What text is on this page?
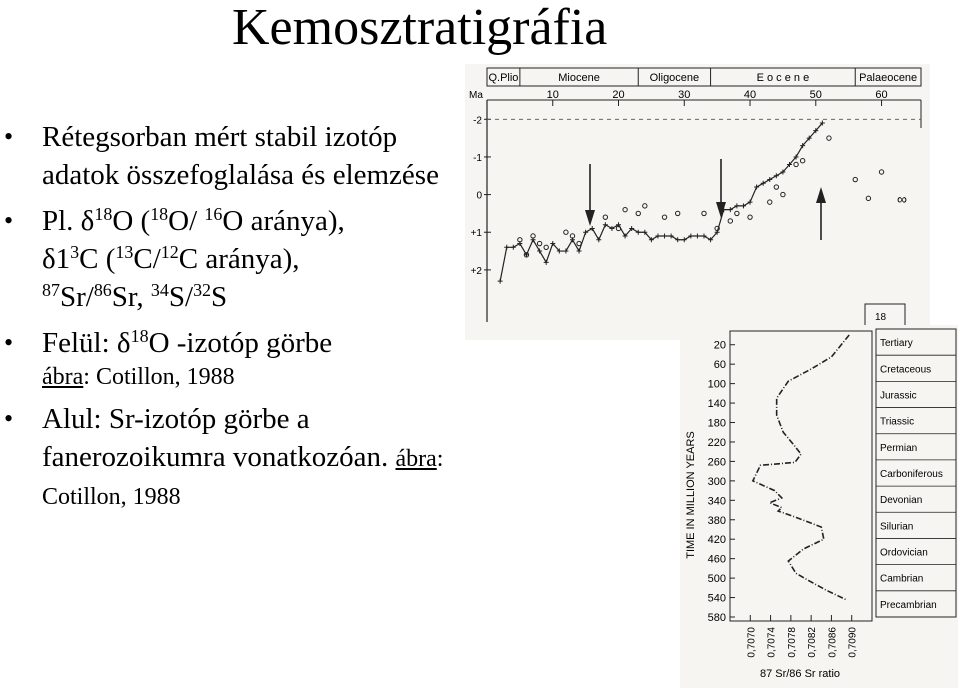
Kemosztratigráfia
• Rétegsorban mért stabil izotóp adatok összefoglalása és elemzése
• Pl. $\delta^{18}O$ ($^{18}$O/ $^{16}$O aránya),
$\delta 1^3C$ ($^{13}$C/$^{12}$C aránya),
$^{87}$Sr/$^{86}$Sr, $^{34}$S/$^{32}$S
• Felül: $\delta^{18}O$ -izotóp görbe
ábra: Cotillon, 1988
• Alul: Sr-izotóp görbe a fanerozoikumra vonatkozóan. ábra: Cotillon, 1988
Q.Plio	Miocene	Oligocene	E o c e n e	Palaeocene
Ma	10	20	30	40	50	60
-2
-1
0
+1
+2
∞
18
20
60
100
140
180
220
260
300
340
380
420
460
500
540
580
0,7070 0,7074 0,7078 0,7082 0,7086 0,7090
Tertiary
Cretaceous
Jurassic
Triassic
Permian
Carboniferous
Devonian
Silurian
Ordovician
Cambrian
Precambrian
87 Sr/86 Sr ratio
TIME IN MILLION YEARS
